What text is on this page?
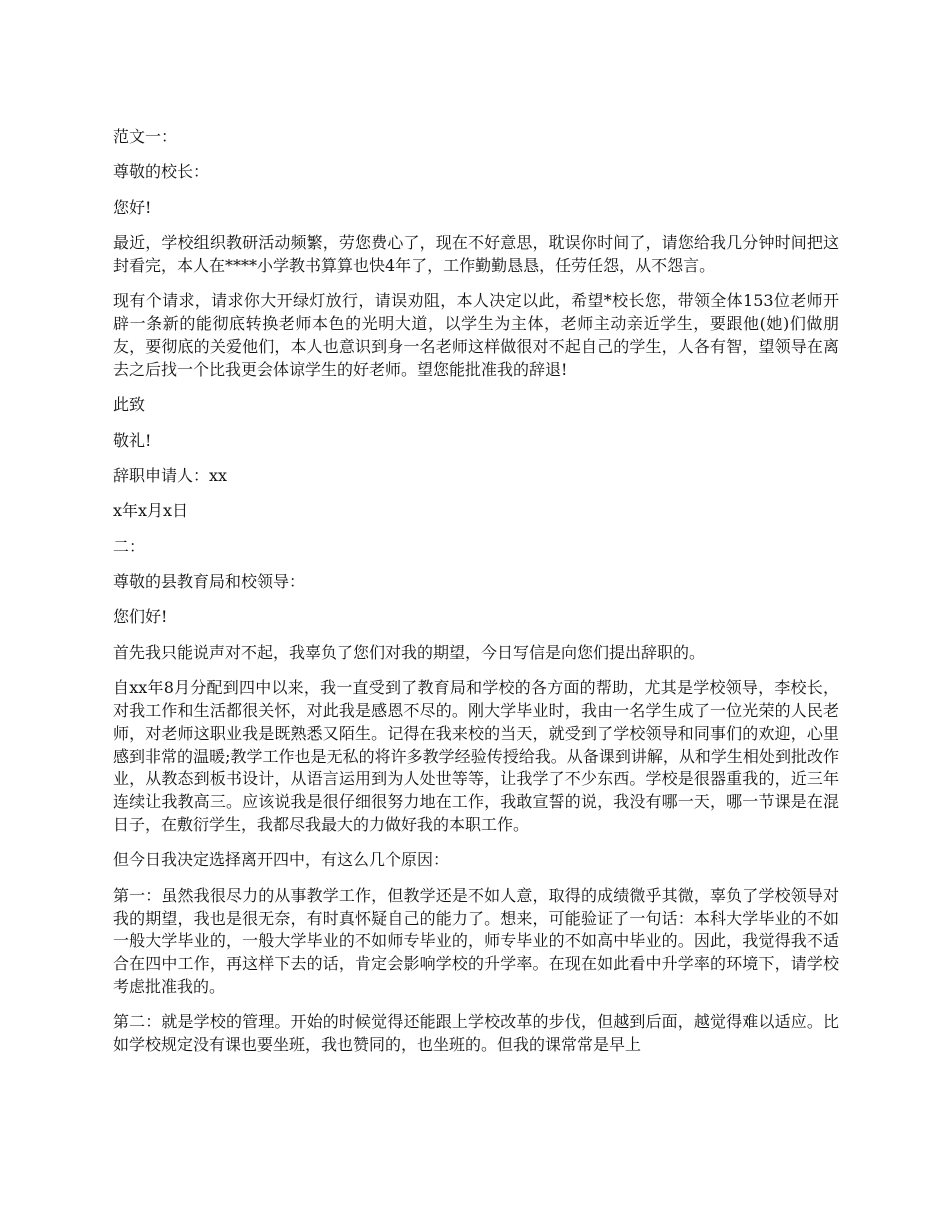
范文一：

尊敬的校长：

您好!

最近，学校组织教研活动频繁，劳您费心了，现在不好意思，耽误你时间了，请您给我几分钟时间把这封看完，本人在****小学教书算算也快4年了，工作勤勤恳恳，任劳任怨，从不怨言。

现有个请求，请求你大开绿灯放行，请误劝阻，本人决定以此，希望*校长您，带领全体153位老师开辟一条新的能彻底转换老师本色的光明大道，以学生为主体，老师主动亲近学生，要跟他(她)们做朋友，要彻底的关爱他们，本人也意识到身一名老师这样做很对不起自己的学生，人各有智，望领导在离去之后找一个比我更会体谅学生的好老师。望您能批准我的辞退!

此致

敬礼!

辞职申请人：xx

x年x月x日

二：

尊敬的县教育局和校领导：

您们好!

首先我只能说声对不起，我辜负了您们对我的期望，今日写信是向您们提出辞职的。

自xx年8月分配到四中以来，我一直受到了教育局和学校的各方面的帮助，尤其是学校领导，李校长，对我工作和生活都很关怀，对此我是感恩不尽的。刚大学毕业时，我由一名学生成了一位光荣的人民老师，对老师这职业我是既熟悉又陌生。记得在我来校的当天，就受到了学校领导和同事们的欢迎，心里感到非常的温暖;教学工作也是无私的将许多教学经验传授给我。从备课到讲解，从和学生相处到批改作业，从教态到板书设计，从语言运用到为人处世等等，让我学了不少东西。学校是很器重我的，近三年连续让我教高三。应该说我是很仔细很努力地在工作，我敢宣誓的说，我没有哪一天，哪一节课是在混日子，在敷衍学生，我都尽我最大的力做好我的本职工作。

但今日我决定选择离开四中，有这么几个原因：

第一：虽然我很尽力的从事教学工作，但教学还是不如人意，取得的成绩微乎其微，辜负了学校领导对我的期望，我也是很无奈，有时真怀疑自己的能力了。想来，可能验证了一句话：本科大学毕业的不如一般大学毕业的，一般大学毕业的不如师专毕业的，师专毕业的不如高中毕业的。因此，我觉得我不适合在四中工作，再这样下去的话，肯定会影响学校的升学率。在现在如此看中升学率的环境下，请学校考虑批准我的。

第二：就是学校的管理。开始的时候觉得还能跟上学校改革的步伐，但越到后面，越觉得难以适应。比如学校规定没有课也要坐班，我也赞同的，也坐班的。但我的课常常是早上
